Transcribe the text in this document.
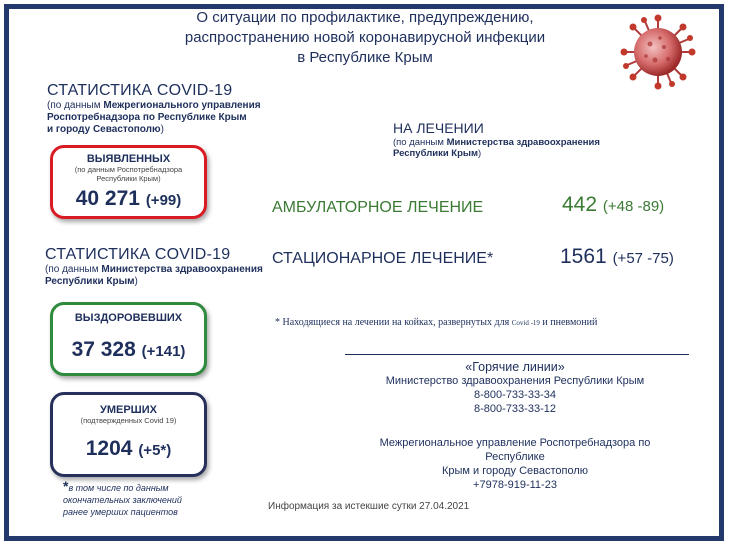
О ситуации по профилактике, предупреждению,
распространению новой коронавирусной инфекции
в Республике Крым
СТАТИСТИКА COVID-19
(по данным Межрегионального управления
Роспотребнадзора по Республике Крым
и городу Севастополю)
ВЫЯВЛЕННЫХ
(по данным Роспотребнадзора
Республики Крым)
40 271 (+99)
СТАТИСТИКА COVID-19
(по данным Министерства здравоохранения
Республики Крым)
ВЫЗДОРОВЕВШИХ
37 328 (+141)
УМЕРШИХ
(подтвержденных Covid 19)
1204 (+5*)
*в том числе по данным
окончательных заключений
ранее умерших пациентов
НА ЛЕЧЕНИИ
(по данным Министерства здравоохранения
Республики Крым)
АМБУЛАТОРНОЕ ЛЕЧЕНИЕ	442 (+48 -89)
СТАЦИОНАРНОЕ ЛЕЧЕНИЕ*	1561 (+57 -75)
* Находящиеся на лечении на койках, развернутых для Covid -19 и пневмоний
«Горячие линии»
Министерство здравоохранения Республики Крым
8-800-733-33-34
8-800-733-33-12
Межрегиональное управление Роспотребнадзора по Республике
Крым и городу Севастополю
+7978-919-11-23
Информация за истекшие сутки 27.04.2021
